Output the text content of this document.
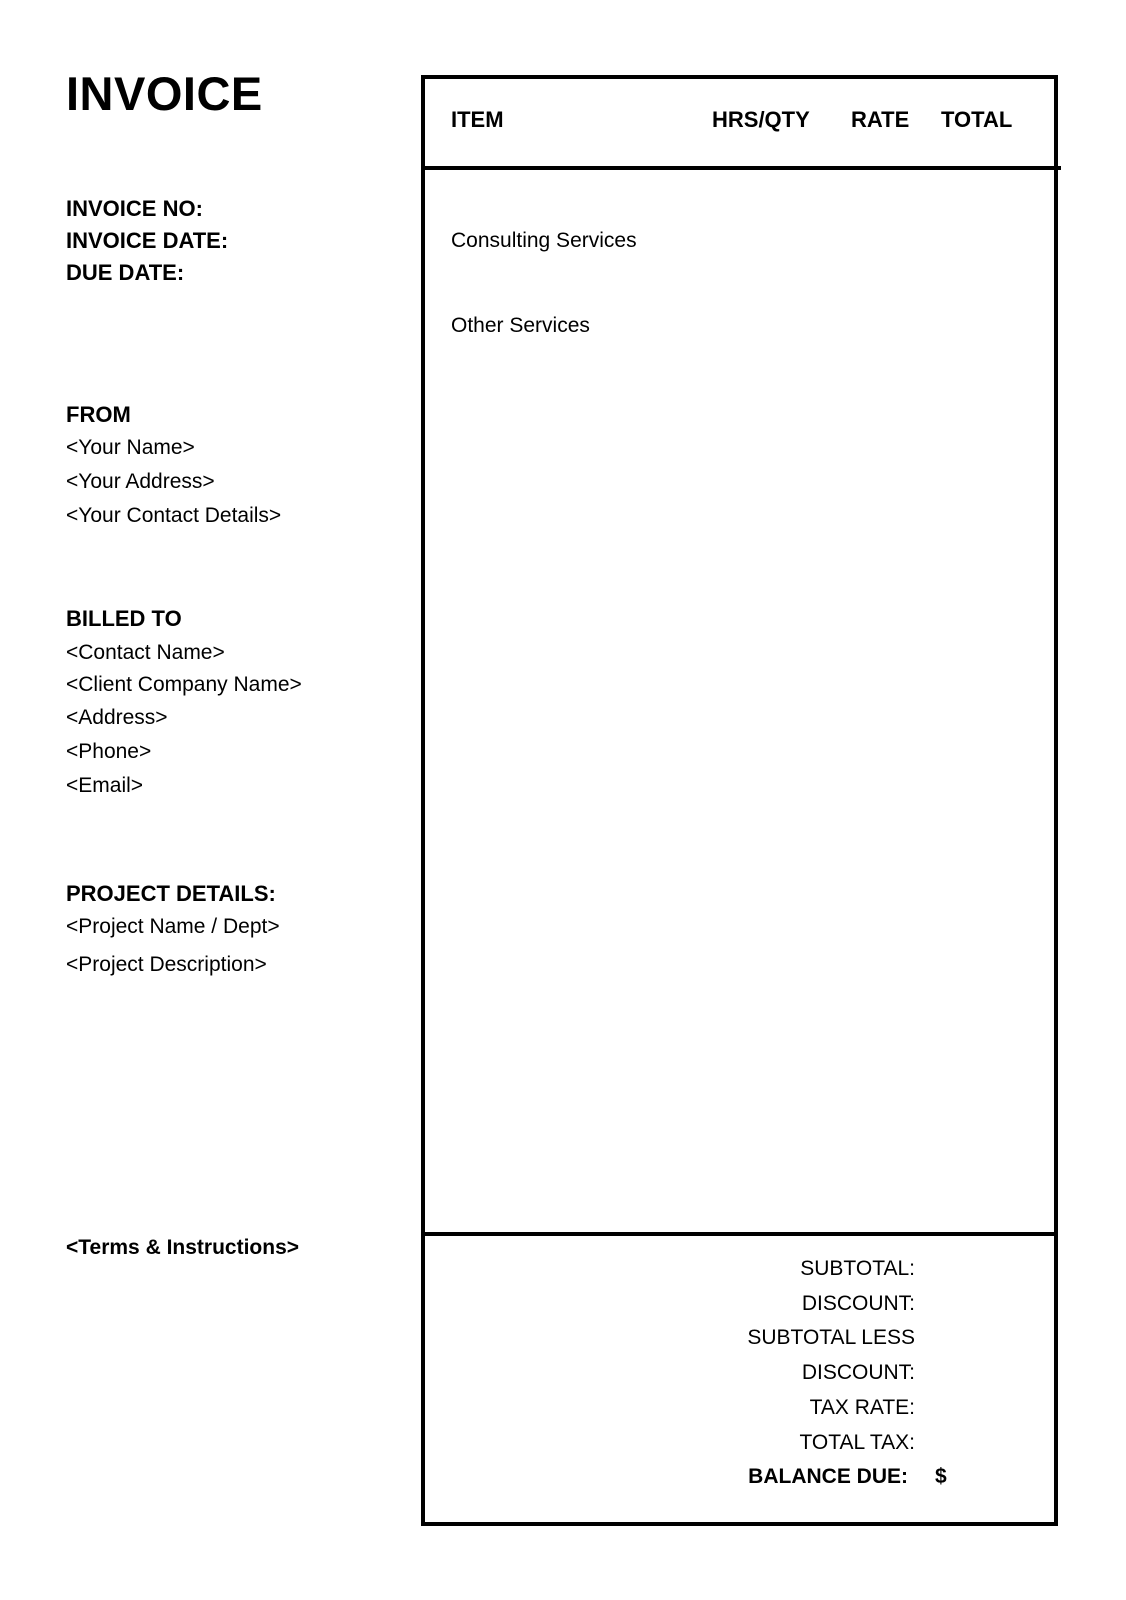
INVOICE
INVOICE NO:
INVOICE DATE:
DUE DATE:
FROM
<Your Name>
<Your Address>
<Your Contact Details>
BILLED TO
<Contact Name>
<Client Company Name>
<Address>
<Phone>
<Email>
PROJECT DETAILS:
<Project Name / Dept>
<Project Description>
<Terms & Instructions>
ITEM	HRS/QTY RATE TOTAL
Consulting Services
Other Services
SUBTOTAL:
DISCOUNT:
SUBTOTAL LESS
DISCOUNT:
TAX RATE:
TOTAL TAX:
BALANCE DUE: $
